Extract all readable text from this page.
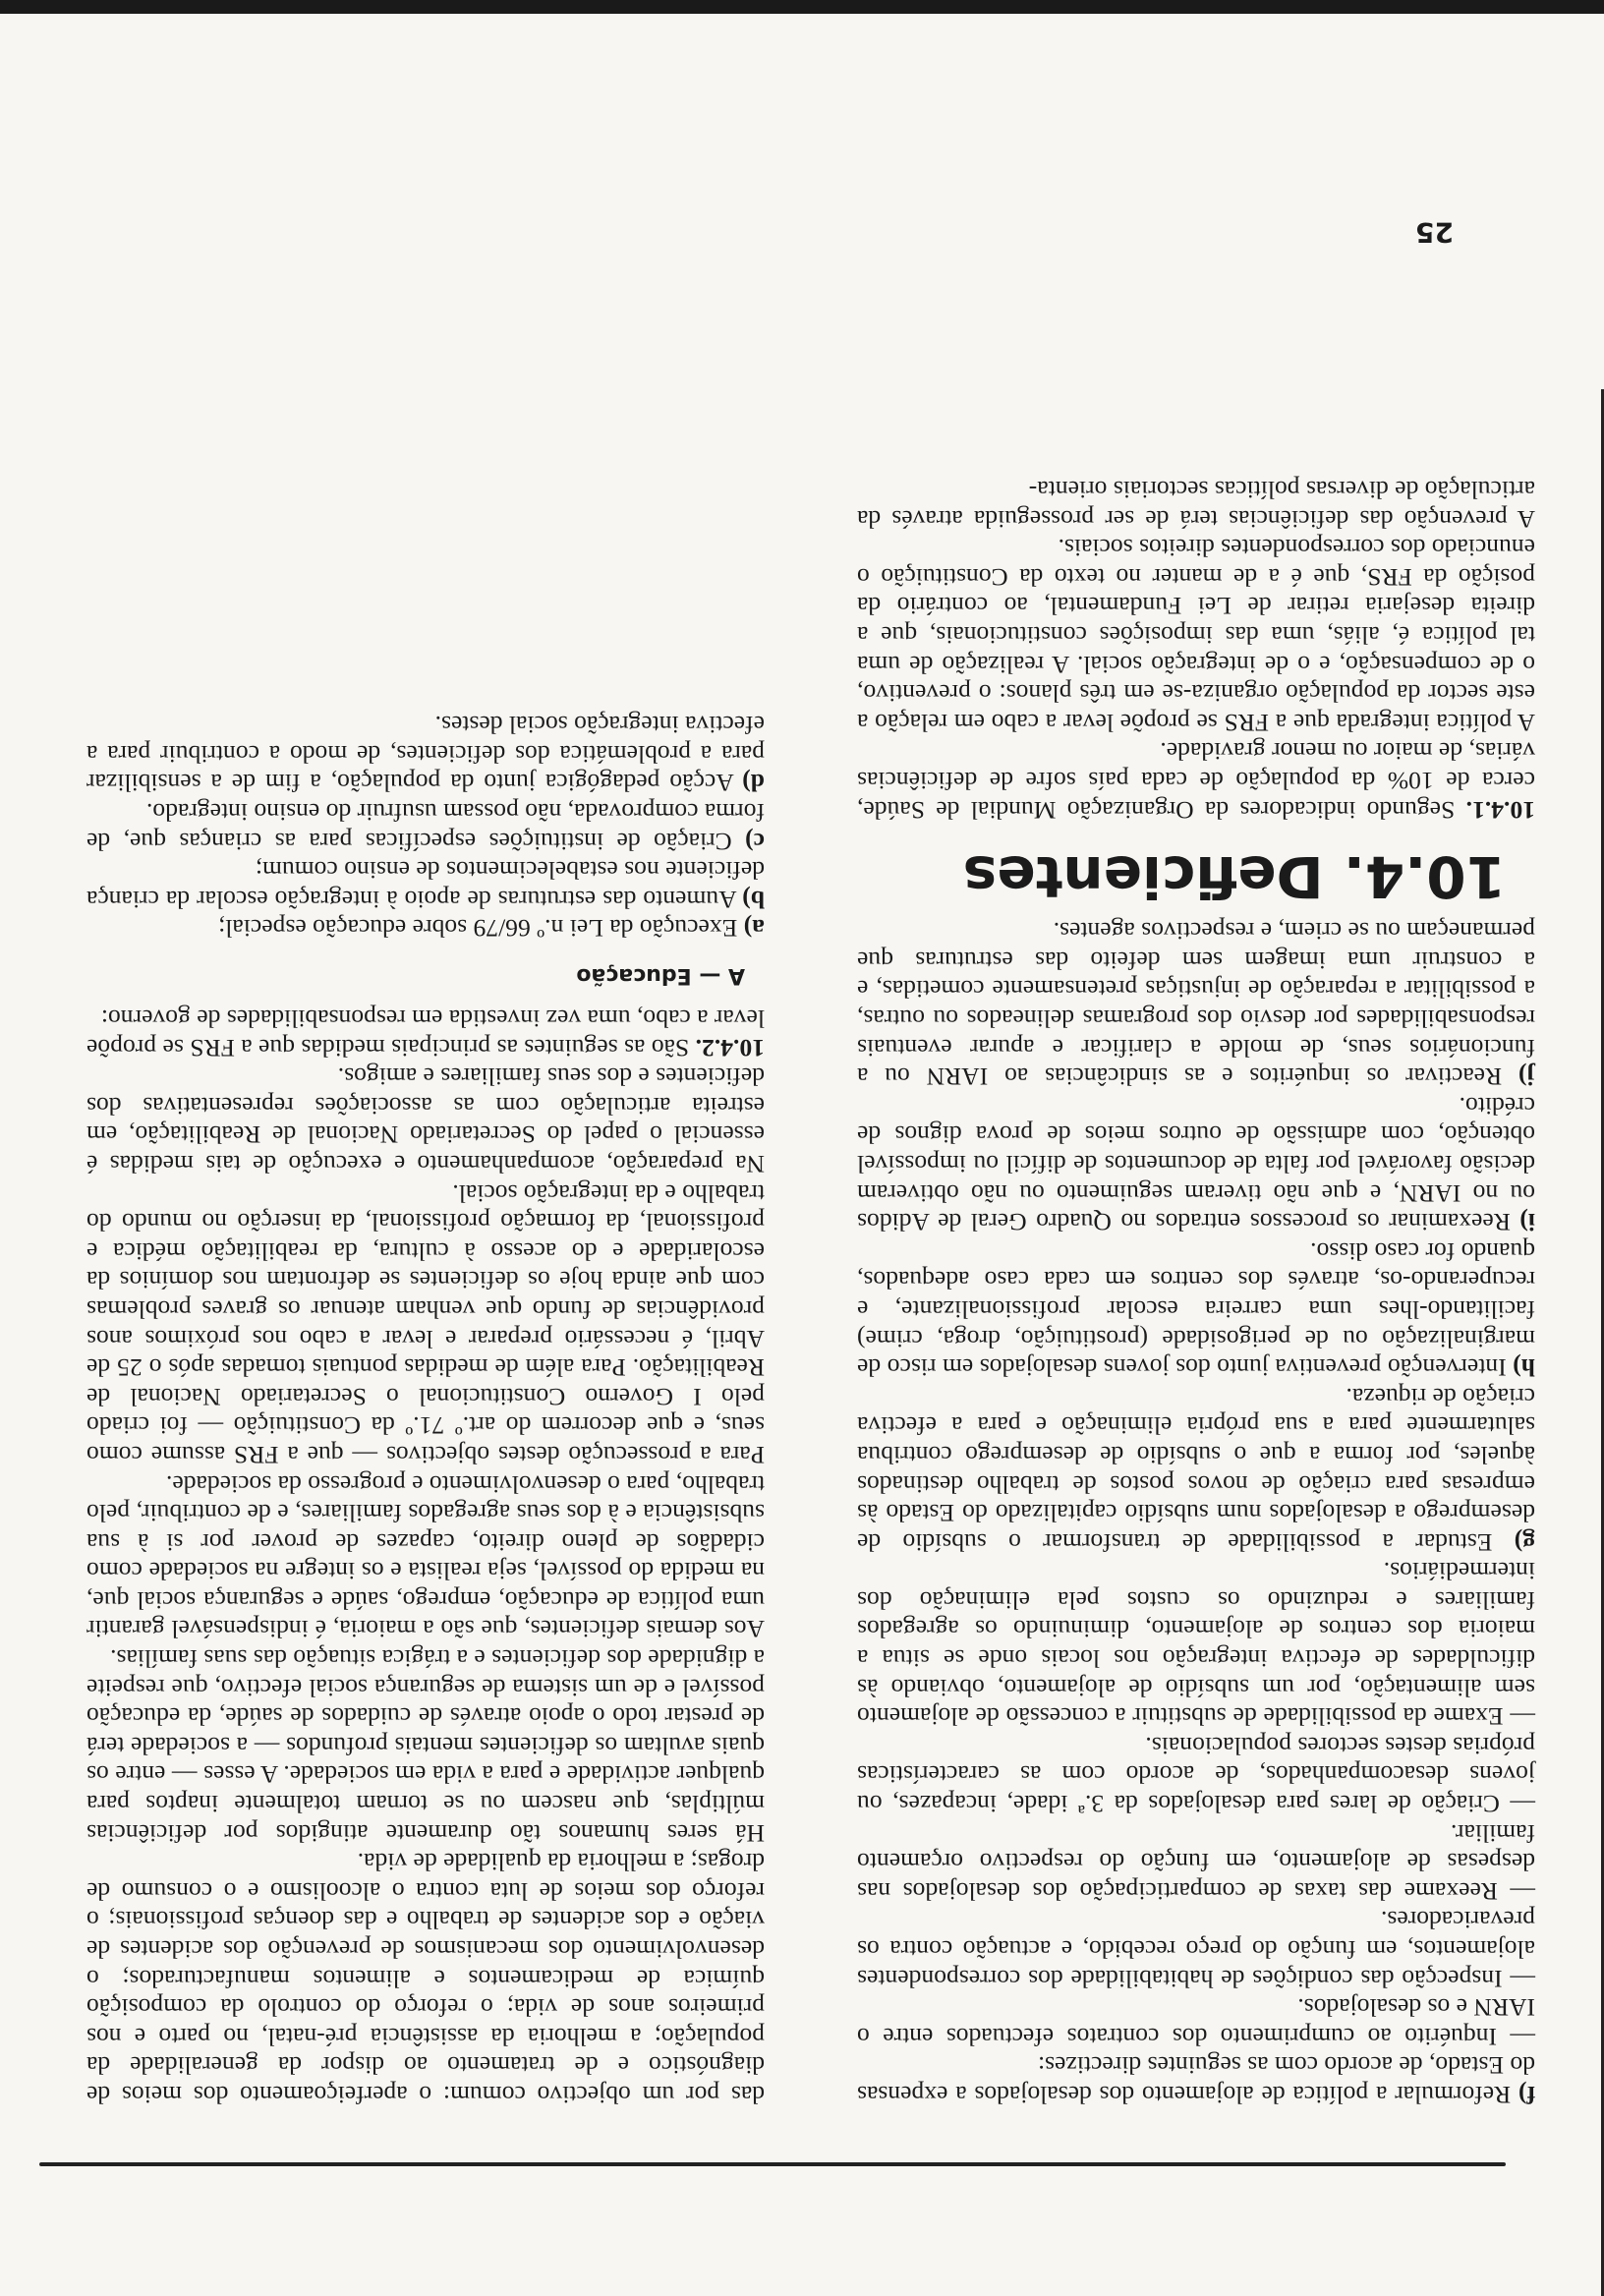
f) Reformular a política de alojamento dos desalojados a expensas do Estado, de acordo com as seguintes directizes:

— Inquérito ao cumprimento dos contratos efectuados entre o IARN e os desalojados.

— Inspecção das condições de habitabilidade dos correspondentes alojamentos, em função do preço recebido, e actuação contra os prevaricadores.

— Reexame das taxas de comparticipação dos desalojados nas despesas de alojamento, em função do respectivo orçamento familiar.

— Criação de lares para desalojados da 3.ª idade, incapazes, ou jovens desacompanhados, de acordo com as características próprias destes sectores populacionais.

— Exame da possibilidade de substituir a concessão de alojamento sem alimentação, por um subsídio de alojamento, obviando às dificuldades de efectiva integração nos locais onde se situa a maioria dos centros de alojamento, diminuindo os agregados familiares e reduzindo os custos pela eliminação dos intermediários.

g) Estudar a possibilidade de transformar o subsídio de desemprego a desalojados num subsídio capitalizado do Estado às empresas para criação de novos postos de trabalho destinados àqueles, por forma a que o subsídio de desemprego contribua salutarmente para a sua própria eliminação e para a efectiva criação de riqueza.

h) Intervenção preventiva junto dos jovens desalojados em risco de marginalização ou de perigosidade (prostituição, droga, crime) facilitando-lhes uma carreira escolar profissionalizante, e recuperando-os, através dos centros em cada caso adequados, quando for caso disso.

i) Reexaminar os processos entrados no Quadro Geral de Adidos ou no IARN, e que não tiveram seguimento ou não obtiveram decisão favorável por falta de documentos de difícil ou impossível obtenção, com admissão de outros meios de prova dignos de crédito.

j) Reactivar os inquéritos e as sindicâncias ao IARN ou a funcionários seus, de molde a clarificar e apurar eventuais responsabilidades por desvio dos programas delineados ou outras, a possibilitar a reparação de injustiças pretensamente cometidas, e a construir uma imagem sem defeito das estruturas que permaneçam ou se criem, e respectivos agentes.

10.4. Deficientes

10.4.1. Segundo indicadores da Organização Mundial de Saúde, cerca de 10% da população de cada país sofre de deficiências várias, de maior ou menor gravidade.

A política integrada que a FRS se propõe levar a cabo em relação a este sector da população organiza-se em três planos: o preventivo, o de compensação, e o de integração social. A realização de uma tal política é, aliás, uma das imposições constitucionais, que a direita desejaria retirar de Lei Fundamental, ao contrário da posição da FRS, que é a de manter no texto da Constituição o enunciado dos correspondentes direitos sociais.

A prevenção das deficiências terá de ser prosseguida através da articulação de diversas políticas sectoriais orienta-

das por um objectivo comum: o aperfeiçoamento dos meios de diagnóstico e de tratamento ao dispor da generalidade da população; a melhoria da assistência pré-natal, no parto e nos primeiros anos de vida; o reforço do controlo da composição química de medicamentos e alimentos manufacturados; o desenvolvimento dos mecanismos de prevenção dos acidentes de viação e dos acidentes de trabalho e das doenças profissionais; o reforço dos meios de luta contra o alcoolismo e o consumo de drogas; a melhoria da qualidade de vida.

Há seres humanos tão duramente atingidos por deficiências múltiplas, que nascem ou se tornam totalmente inaptos para qualquer actividade e para a vida em sociedade. A esses — entre os quais avultam os deficientes mentais profundos — a sociedade terá de prestar todo o apoio através de cuidados de saúde, da educação possível e de um sistema de segurança social efectivo, que respeite a dignidade dos deficientes e a trágica situação das suas famílias.

Aos demais deficientes, que são a maioria, é indispensável garantir uma política de educação, emprego, saúde e segurança social que, na medida do possível, seja realista e os integre na sociedade como cidadãos de pleno direito, capazes de prover por si à sua subsistência e à dos seus agregados familiares, e de contribuir, pelo trabalho, para o desenvolvimento e progresso da sociedade.

Para a prossecução destes objectivos — que a FRS assume como seus, e que decorrem do art.º 71.º da Constituição — foi criado pelo I Governo Constitucional o Secretariado Nacional de Reabilitação. Para além de medidas pontuais tomadas após o 25 de Abril, é necessário preparar e levar a cabo nos próximos anos providências de fundo que venham atenuar os graves problemas com que ainda hoje os deficientes se defrontam nos domínios da escolaridade e do acesso à cultura, da reabilitação médica e profissional, da formação profissional, da inserção no mundo do trabalho e da integração social.

Na preparação, acompanhamento e execução de tais medidas é essencial o papel do Secretariado Nacional de Reabilitação, em estreita articulação com as associações representativas dos deficientes e dos seus familiares e amigos.

10.4.2. São as seguintes as principais medidas que a FRS se propõe levar a cabo, uma vez investida em responsabilidades de governo:

A — Educação

a) Execução da Lei n.º 66/79 sobre educação especial;

b) Aumento das estruturas de apoio à integração escolar da criança deficiente nos estabelecimentos de ensino comum;

c) Criação de instituições específicas para as crianças que, de forma comprovada, não possam usufruir do ensino integrado.

d) Acção pedagógica junto da população, a fim de a sensibilizar para a problemática dos deficientes, de modo a contribuir para a efectiva integração social destes.

25
